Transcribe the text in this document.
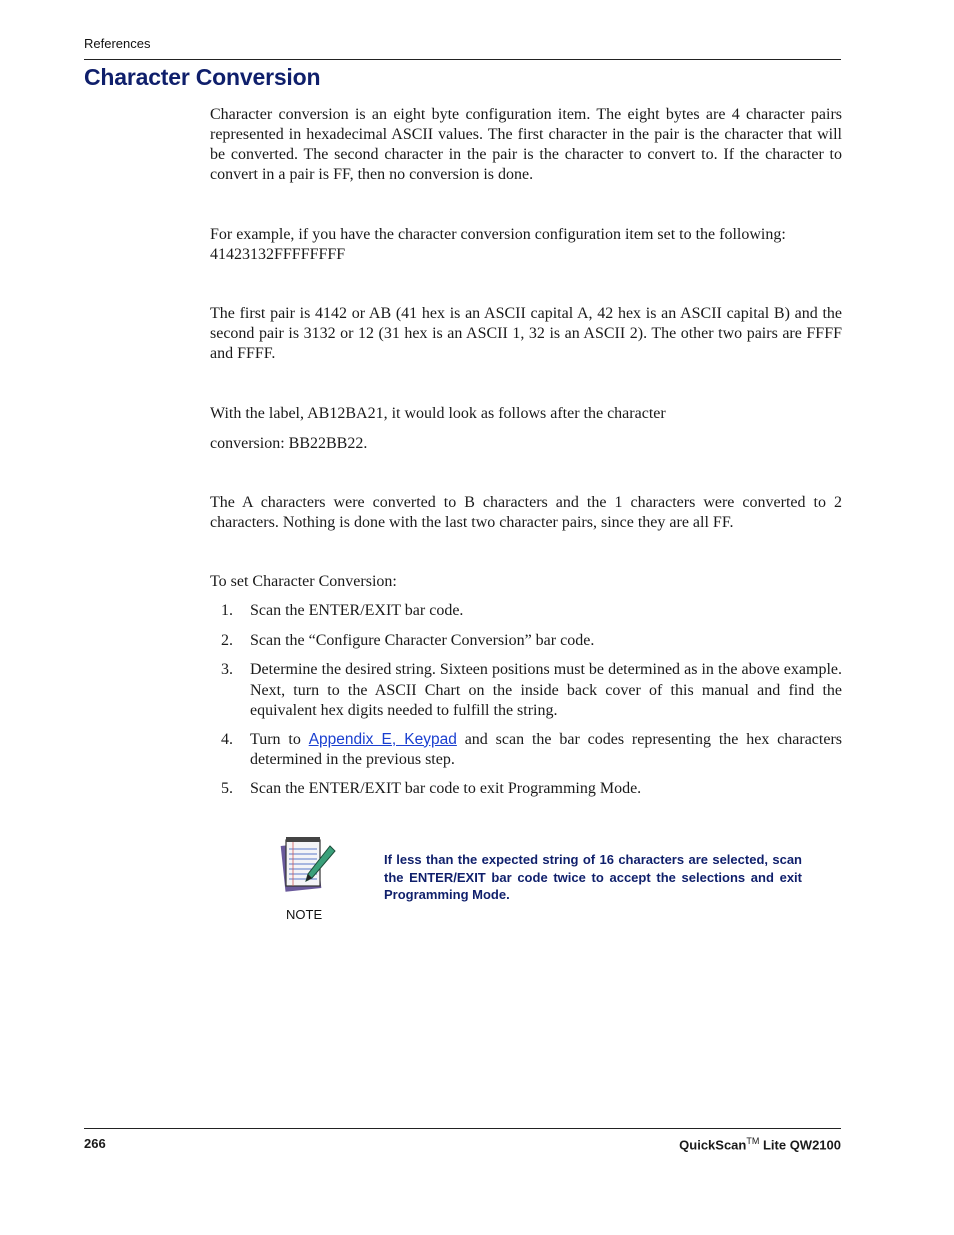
References
Character Conversion

Character conversion is an eight byte configuration item. The eight bytes are 4 character pairs represented in hexadecimal ASCII values. The first character in the pair is the character that will be converted. The second character in the pair is the character to convert to. If the character to convert in a pair is FF, then no conversion is done.

For example, if you have the character conversion configuration item set to the following:
41423132FFFFFFFF

The first pair is 4142 or AB (41 hex is an ASCII capital A, 42 hex is an ASCII capital B) and the second pair is 3132 or 12 (31 hex is an ASCII 1, 32 is an ASCII 2). The other two pairs are FFFF and FFFF.

With the label, AB12BA21, it would look as follows after the character
conversion: BB22BB22.

The A characters were converted to B characters and the 1 characters were converted to 2 characters. Nothing is done with the last two character pairs, since they are all FF.

To set Character Conversion:
1. Scan the ENTER/EXIT bar code.
2. Scan the “Configure Character Conversion” bar code.
3. Determine the desired string. Sixteen positions must be determined as in the above example. Next, turn to the ASCII Chart on the inside back cover of this manual and find the equivalent hex digits needed to fulfill the string.
4. Turn to Appendix E, Keypad and scan the bar codes representing the hex characters determined in the previous step.
5. Scan the ENTER/EXIT bar code to exit Programming Mode.
NOTE

If less than the expected string of 16 characters are selected, scan the ENTER/EXIT bar code twice to accept the selections and exit Programming Mode.

266	QuickScan™ Lite QW2100
